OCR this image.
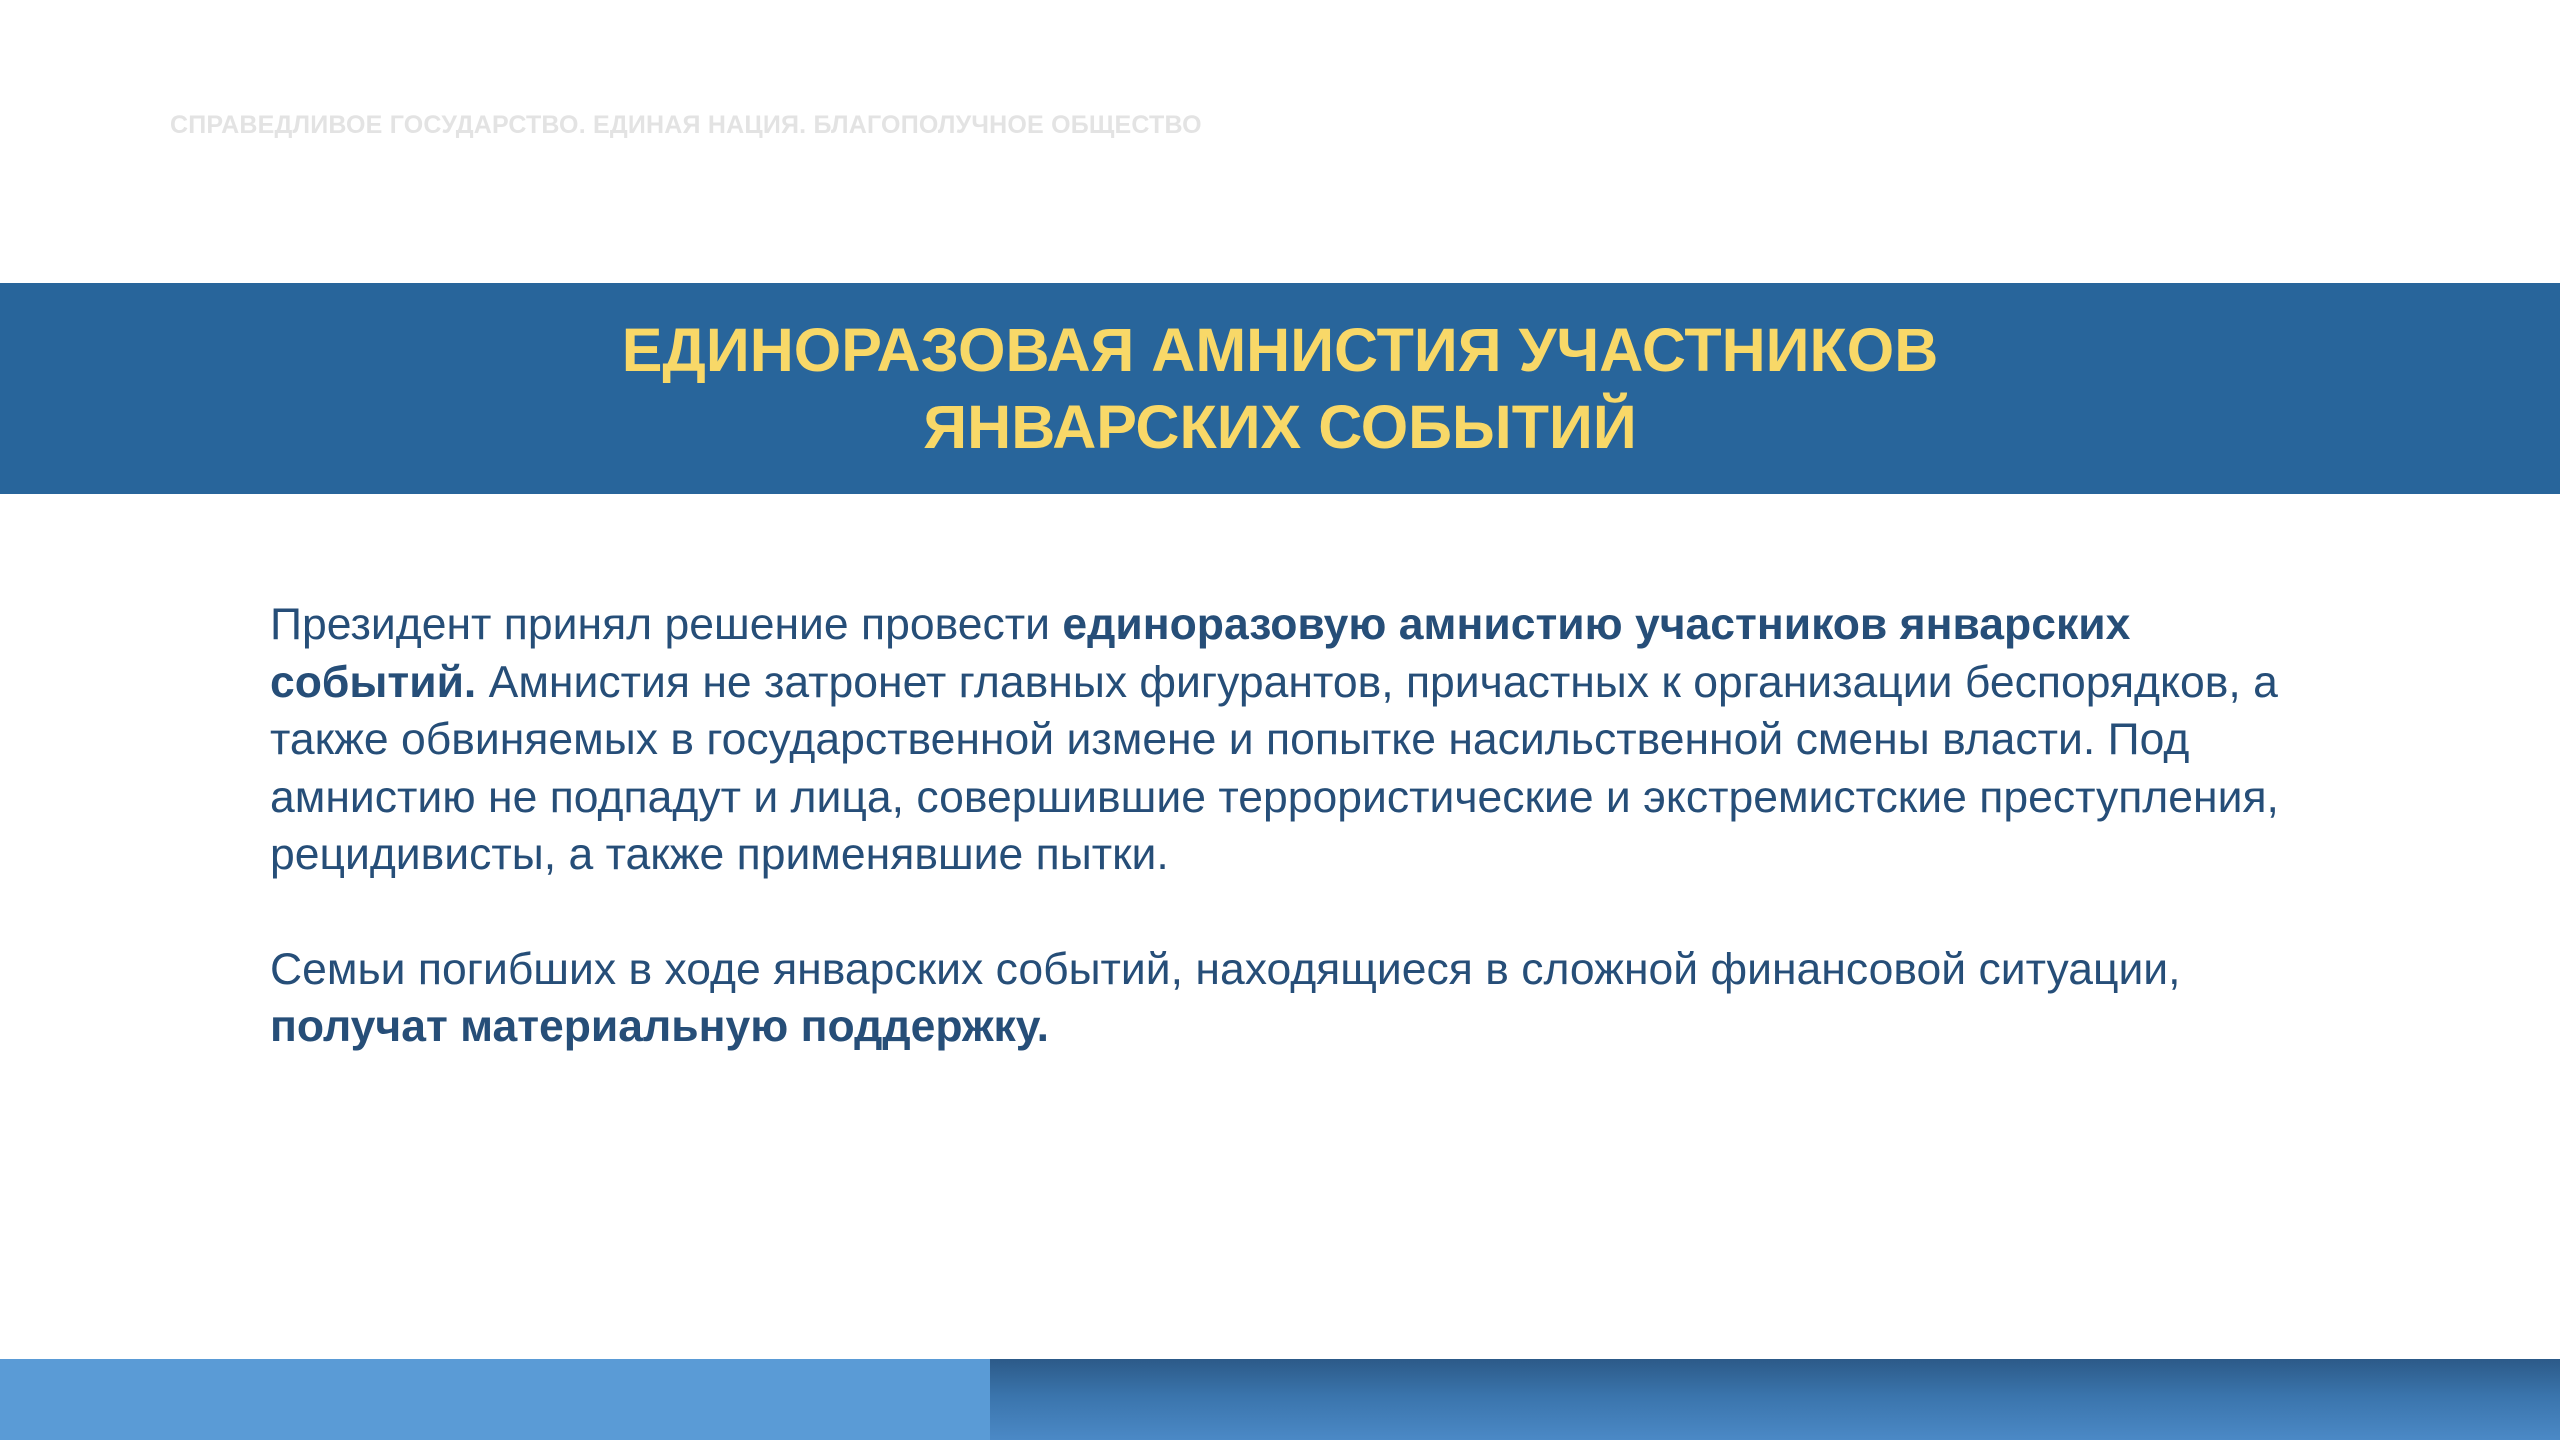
СПРАВЕДЛИВОЕ ГОСУДАРСТВО. ЕДИНАЯ НАЦИЯ. БЛАГОПОЛУЧНОЕ ОБЩЕСТВО
ЕДИНОРАЗОВАЯ АМНИСТИЯ УЧАСТНИКОВ
ЯНВАРСКИХ СОБЫТИЙ

Президент принял решение провести единоразовую амнистию участников январских событий. Амнистия не затронет главных фигурантов, причастных к организации беспорядков, а также обвиняемых в государственной измене и попытке насильственной смены власти. Под амнистию не подпадут и лица, совершившие террористические и экстремистские преступления, рецидивисты, а также применявшие пытки.

Семьи погибших в ходе январских событий, находящиеся в сложной финансовой ситуации, получат материальную поддержку.
